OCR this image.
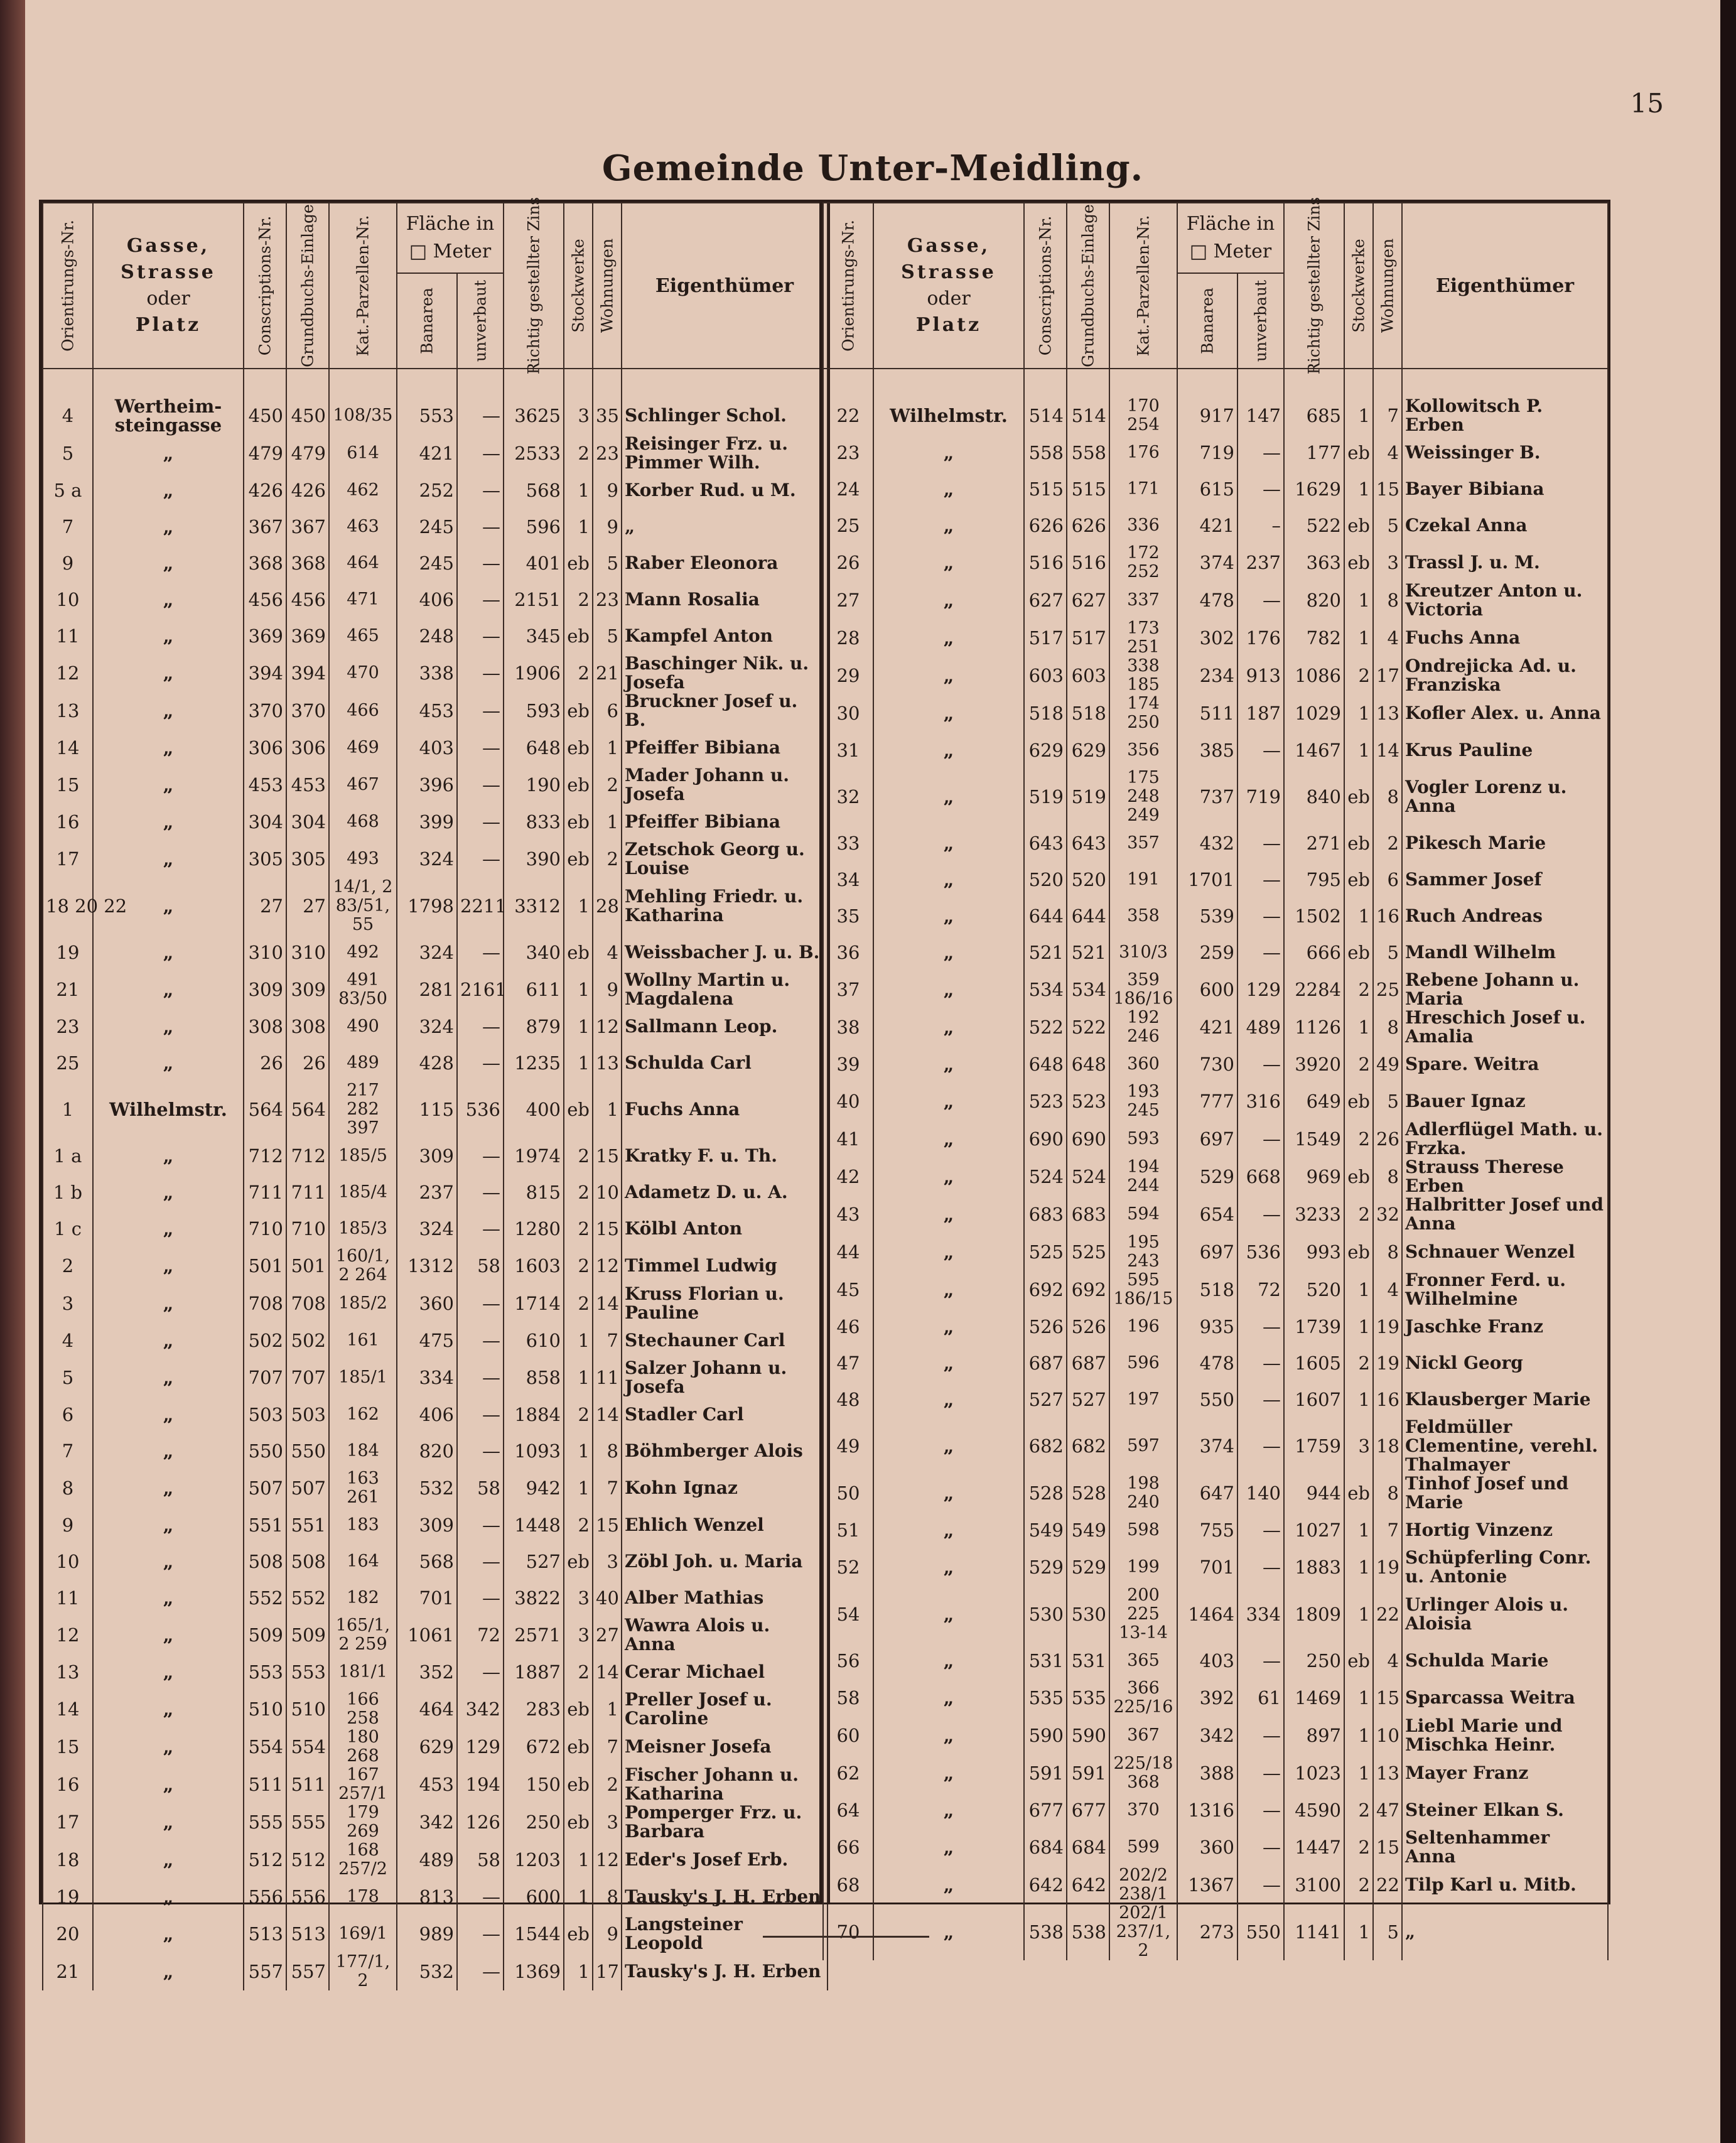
15
Gemeinde Unter-Meidling.
Orientirungs-Nr.	Gasse,
Strasse
oder
Platz	Conscriptions-Nr.	Grundbuchs-Einlage	Kat.-Parzellen-Nr.	Fläche in
□ Meter		Richtig gestellter Zins	Stockwerke	Wohnungen	Eigenthümer

					Banarea	unverbaut				

4	Wertheim-steingasse	450	450	108/35	553	—	3625	3	35	Schlinger Schol.
5	„	479	479	614	421	—	2533	2	23	Reisinger Frz. u. Pimmer Wilh.
5 a	„	426	426	462	252	—	568	1	9	Korber Rud. u M.
7	„	367	367	463	245	—	596	1	9	„
9	„	368	368	464	245	—	401	eb	5	Raber Eleonora
10	„	456	456	471	406	—	2151	2	23	Mann Rosalia
11	„	369	369	465	248	—	345	eb	5	Kampfel Anton
12	„	394	394	470	338	—	1906	2	21	Baschinger Nik. u. Josefa
13	„	370	370	466	453	—	593	eb	6	Bruckner Josef u. B.
14	„	306	306	469	403	—	648	eb	1	Pfeiffer Bibiana
15	„	453	453	467	396	—	190	eb	2	Mader Johann u. Josefa
16	„	304	304	468	399	—	833	eb	1	Pfeiffer Bibiana
17	„	305	305	493	324	—	390	eb	2	Zetschok Georg u. Louise
18 20 22	„	27	27	14/1, 2 83/51, 55	1798	2211	3312	1	28	Mehling Friedr. u. Katharina
19	„	310	310	492	324	—	340	eb	4	Weissbacher J. u. B.
21	„	309	309	491 83/50	281	2161	611	1	9	Wollny Martin u. Magdalena
23	„	308	308	490	324	—	879	1	12	Sallmann Leop.
25	„	26	26	489	428	—	1235	1	13	Schulda Carl
1	Wilhelmstr.	564	564	217 282 397	115	536	400	eb	1	Fuchs Anna
1 a	„	712	712	185/5	309	—	1974	2	15	Kratky F. u. Th.
1 b	„	711	711	185/4	237	—	815	2	10	Adametz D. u. A.
1 c	„	710	710	185/3	324	—	1280	2	15	Kölbl Anton
2	„	501	501	160/1, 2 264	1312	58	1603	2	12	Timmel Ludwig
3	„	708	708	185/2	360	—	1714	2	14	Kruss Florian u. Pauline
4	„	502	502	161	475	—	610	1	7	Stechauner Carl
5	„	707	707	185/1	334	—	858	1	11	Salzer Johann u. Josefa
6	„	503	503	162	406	—	1884	2	14	Stadler Carl
7	„	550	550	184	820	—	1093	1	8	Böhmberger Alois
8	„	507	507	163 261	532	58	942	1	7	Kohn Ignaz
9	„	551	551	183	309	—	1448	2	15	Ehlich Wenzel
10	„	508	508	164	568	—	527	eb	3	Zöbl Joh. u. Maria
11	„	552	552	182	701	—	3822	3	40	Alber Mathias
12	„	509	509	165/1, 2 259	1061	72	2571	3	27	Wawra Alois u. Anna
13	„	553	553	181/1	352	—	1887	2	14	Cerar Michael
14	„	510	510	166 258	464	342	283	eb	1	Preller Josef u. Caroline
15	„	554	554	180 268	629	129	672	eb	7	Meisner Josefa
16	„	511	511	167 257/1	453	194	150	eb	2	Fischer Johann u. Katharina
17	„	555	555	179 269	342	126	250	eb	3	Pomperger Frz. u. Barbara
18	„	512	512	168 257/2	489	58	1203	1	12	Eder's Josef Erb.
19	„	556	556	178	813	—	600	1	8	Tausky's J. H. Erben
20	„	513	513	169/1	989	—	1544	eb	9	Langsteiner Leopold
21	„	557	557	177/1, 2	532	—	1369	1	17	Tausky's J. H. Erben
Orientirungs-Nr.	Gasse,
Strasse
oder
Platz	Conscriptions-Nr.	Grundbuchs-Einlage	Kat.-Parzellen-Nr.	Fläche in
□ Meter		Richtig gestellter Zins	Stockwerke	Wohnungen	Eigenthümer

					Banarea	unverbaut				

22	Wilhelmstr.	514	514	170 254	917	147	685	1	7	Kollowitsch P. Erben
23	„	558	558	176	719	—	177	eb	4	Weissinger B.
24	„	515	515	171	615	—	1629	1	15	Bayer Bibiana
25	„	626	626	336	421	–	522	eb	5	Czekal Anna
26	„	516	516	172 252	374	237	363	eb	3	Trassl J. u. M.
27	„	627	627	337	478	—	820	1	8	Kreutzer Anton u. Victoria
28	„	517	517	173 251	302	176	782	1	4	Fuchs Anna
29	„	603	603	338 185	234	913	1086	2	17	Ondrejicka Ad. u. Franziska
30	„	518	518	174 250	511	187	1029	1	13	Kofler Alex. u. Anna
31	„	629	629	356	385	—	1467	1	14	Krus Pauline
32	„	519	519	175 248 249	737	719	840	eb	8	Vogler Lorenz u. Anna
33	„	643	643	357	432	—	271	eb	2	Pikesch Marie
34	„	520	520	191	1701	—	795	eb	6	Sammer Josef
35	„	644	644	358	539	—	1502	1	16	Ruch Andreas
36	„	521	521	310/3	259	—	666	eb	5	Mandl Wilhelm
37	„	534	534	359 186/16	600	129	2284	2	25	Rebene Johann u. Maria
38	„	522	522	192 246	421	489	1126	1	8	Hreschich Josef u. Amalia
39	„	648	648	360	730	—	3920	2	49	Spare. Weitra
40	„	523	523	193 245	777	316	649	eb	5	Bauer Ignaz
41	„	690	690	593	697	—	1549	2	26	Adlerflügel Math. u. Frzka.
42	„	524	524	194 244	529	668	969	eb	8	Strauss Therese Erben
43	„	683	683	594	654	—	3233	2	32	Halbritter Josef und Anna
44	„	525	525	195 243	697	536	993	eb	8	Schnauer Wenzel
45	„	692	692	595 186/15	518	72	520	1	4	Fronner Ferd. u. Wilhelmine
46	„	526	526	196	935	—	1739	1	19	Jaschke Franz
47	„	687	687	596	478	—	1605	2	19	Nickl Georg
48	„	527	527	197	550	—	1607	1	16	Klausberger Marie
49	„	682	682	597	374	—	1759	3	18	Feldmüller Clementine, verehl. Thalmayer
50	„	528	528	198 240	647	140	944	eb	8	Tinhof Josef und Marie
51	„	549	549	598	755	—	1027	1	7	Hortig Vinzenz
52	„	529	529	199	701	—	1883	1	19	Schüpferling Conr. u. Antonie
54	„	530	530	200 225 13-14	1464	334	1809	1	22	Urlinger Alois u. Aloisia
56	„	531	531	365	403	—	250	eb	4	Schulda Marie
58	„	535	535	366 225/16	392	61	1469	1	15	Sparcassa Weitra
60	„	590	590	367	342	—	897	1	10	Liebl Marie und Mischka Heinr.
62	„	591	591	225/18 368	388	—	1023	1	13	Mayer Franz
64	„	677	677	370	1316	—	4590	2	47	Steiner Elkan S.
66	„	684	684	599	360	—	1447	2	15	Seltenhammer Anna
68	„	642	642	202/2 238/1	1367	—	3100	2	22	Tilp Karl u. Mitb.
70	„	538	538	202/1 237/1, 2	273	550	1141	1	5	„
